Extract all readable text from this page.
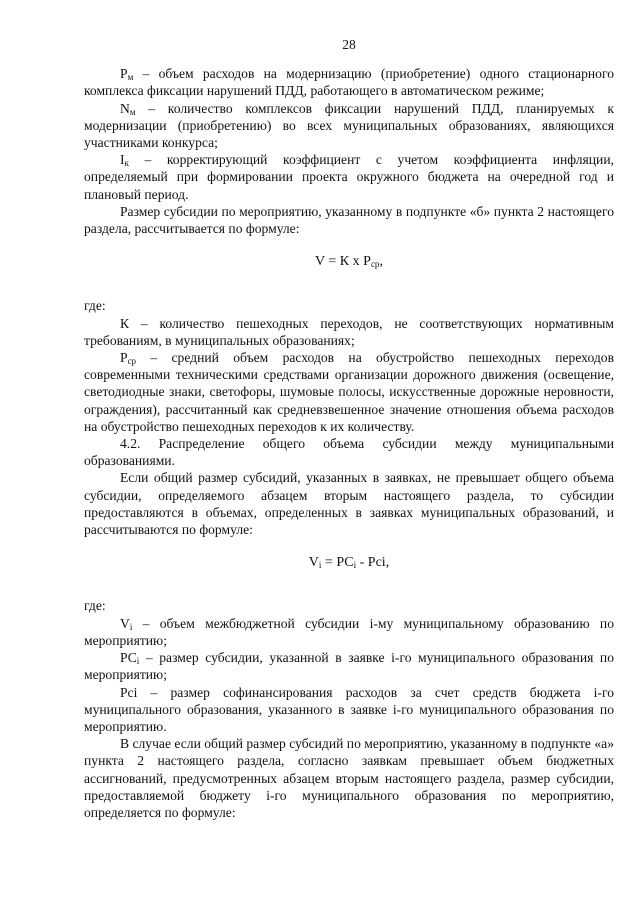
28

$Р_м$ – объем расходов на модернизацию (приобретение) одного стационарного комплекса фиксации нарушений ПДД, работающего в автоматическом режиме;

$N_м$ – количество комплексов фиксации нарушений ПДД, планируемых к модернизации (приобретению) во всех муниципальных образованиях, являющихся участниками конкурса;

$I_к$ – корректирующий коэффициент с учетом коэффициента инфляции, определяемый при формировании проекта окружного бюджета на очередной год и плановый период.

Размер субсидии по мероприятию, указанному в подпункте «б» пункта 2 настоящего раздела, рассчитывается по формуле:

V = К х $Р_{ср}$,

где:

К – количество пешеходных переходов, не соответствующих нормативным требованиям, в муниципальных образованиях;

$Р_{ср}$ – средний объем расходов на обустройство пешеходных переходов современными техническими средствами организации дорожного движения (освещение, светодиодные знаки, светофоры, шумовые полосы, искусственные дорожные неровности, ограждения), рассчитанный как средневзвешенное значение отношения объема расходов на обустройство пешеходных переходов к их количеству.

4.2. Распределение общего объема субсидии между муниципальными образованиями.

Если общий размер субсидий, указанных в заявках, не превышает общего объема субсидии, определяемого абзацем вторым настоящего раздела, то субсидии предоставляются в объемах, определенных в заявках муниципальных образований, и рассчитываются по формуле:

$V_i = РС_i$ - Рci,

где:

$V_i$ – объем межбюджетной субсидии i-му муниципальному образованию по мероприятию;

$РС_i$ – размер субсидии, указанной в заявке i-го муниципального образования по мероприятию;

Рci – размер софинансирования расходов за счет средств бюджета i-го муниципального образования, указанного в заявке i-го муниципального образования по мероприятию.

В случае если общий размер субсидий по мероприятию, указанному в подпункте «а» пункта 2 настоящего раздела, согласно заявкам превышает объем бюджетных ассигнований, предусмотренных абзацем вторым настоящего раздела, размер субсидии, предоставляемой бюджету i-го муниципального образования по мероприятию, определяется по формуле:
